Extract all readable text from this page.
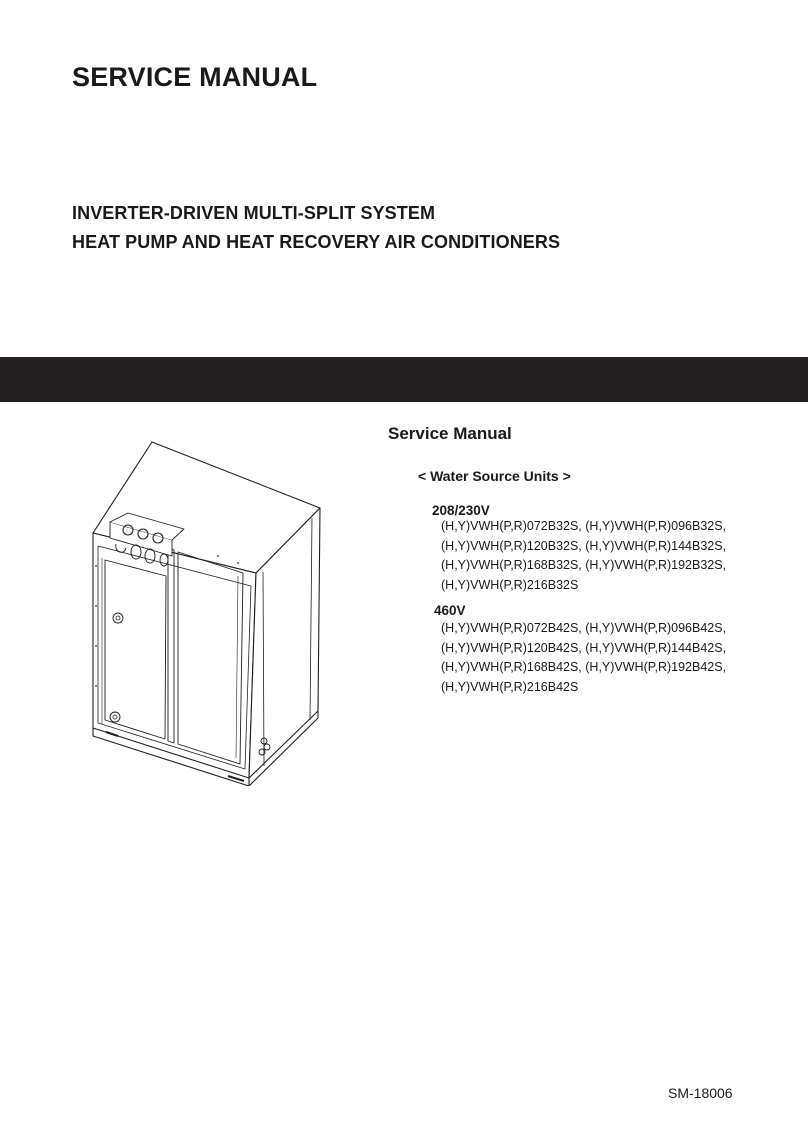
SERVICE MANUAL
INVERTER-DRIVEN MULTI-SPLIT SYSTEM
HEAT PUMP AND HEAT RECOVERY AIR CONDITIONERS
Service Manual
< Water Source Units >
208/230V
(H,Y)VWH(P,R)072B32S, (H,Y)VWH(P,R)096B32S,
(H,Y)VWH(P,R)120B32S, (H,Y)VWH(P,R)144B32S,
(H,Y)VWH(P,R)168B32S, (H,Y)VWH(P,R)192B32S,
(H,Y)VWH(P,R)216B32S
460V
(H,Y)VWH(P,R)072B42S, (H,Y)VWH(P,R)096B42S,
(H,Y)VWH(P,R)120B42S, (H,Y)VWH(P,R)144B42S,
(H,Y)VWH(P,R)168B42S, (H,Y)VWH(P,R)192B42S,
(H,Y)VWH(P,R)216B42S
SM-18006
